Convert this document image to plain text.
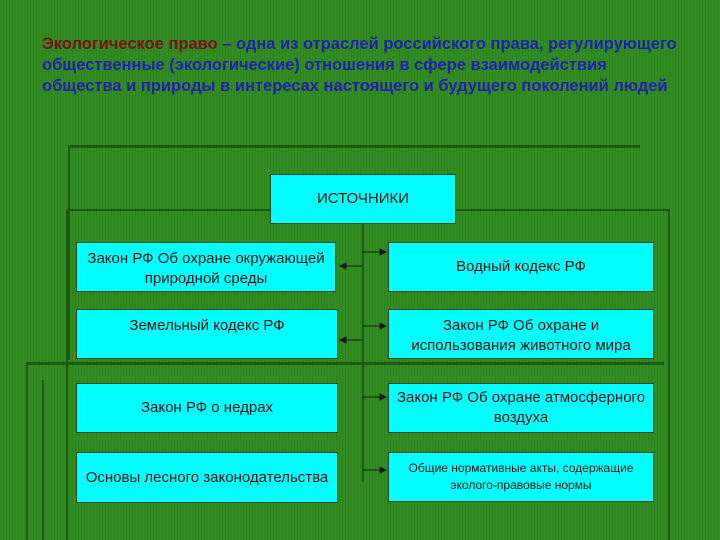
Экологическое право – одна из отраслей российского права, регулирующего общественные (экологические) отношения в сфере взаимодействия общества и природы в интересах настоящего и будущего поколений людей
ИСТОЧНИКИ
Закон РФ Об охране окружающей природной среды
Земельный кодекс РФ
Закон РФ о недрах
Основы лесного законодательства
Водный кодекс РФ
Закон РФ Об охране и использования животного мира
Закон РФ Об охране атмосферного воздуха
Общие нормативные акты, содержащие эколого-правовые нормы
